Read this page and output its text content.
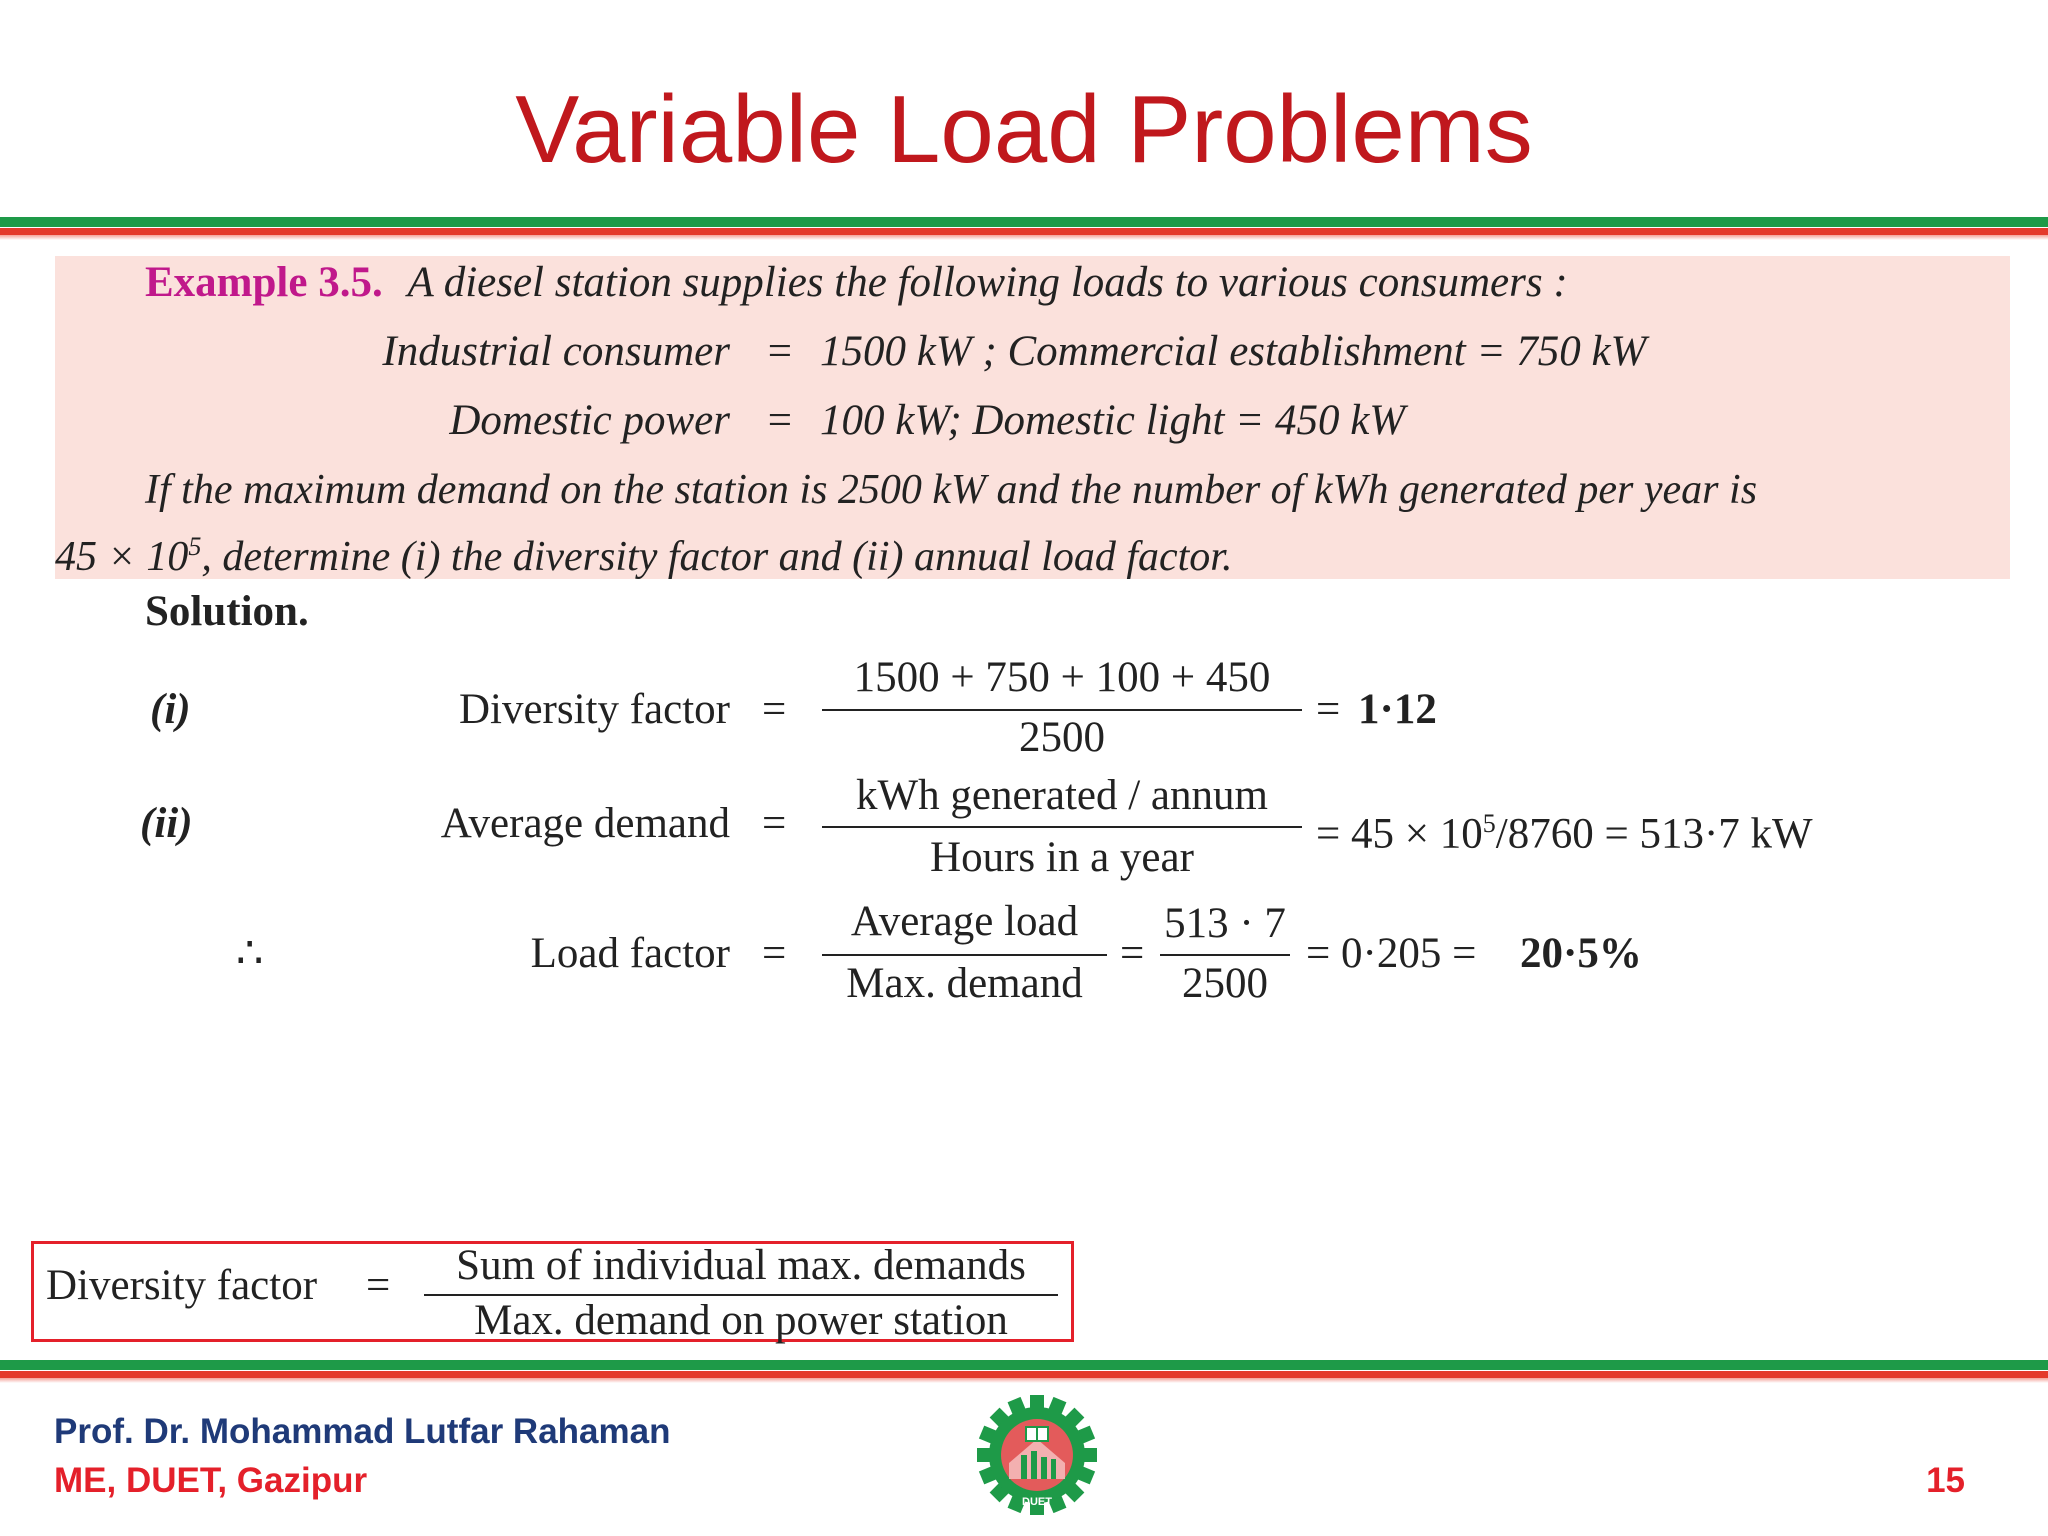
Variable Load Problems
Example 3.5. A diesel station supplies the following loads to various consumers :
Industrial consumer = 1500 kW ; Commercial establishment = 750 kW
Domestic power = 100 kW; Domestic light = 450 kW
If the maximum demand on the station is 2500 kW and the number of kWh generated per year is
$45 \times 10^5$, determine (i) the diversity factor and (ii) annual load factor.
Solution.
(i)	Diversity factor =
1500 + 750 + 100 + 450
2500
= 1·12
(ii)	Average demand =
kWh generated / annum
Hours in a year
= $45 \times 10^5/8760 = 513\cdot 7$ kW
∴	Load factor =
Average load
Max. demand
=
513 · 7
2500
= 0·205 = 20·5%
Diversity factor =	Sum of individual max. demands
Max. demand on power station
Prof. Dr. Mohammad Lutfar Rahaman
ME, DUET, Gazipur
DUET
15
